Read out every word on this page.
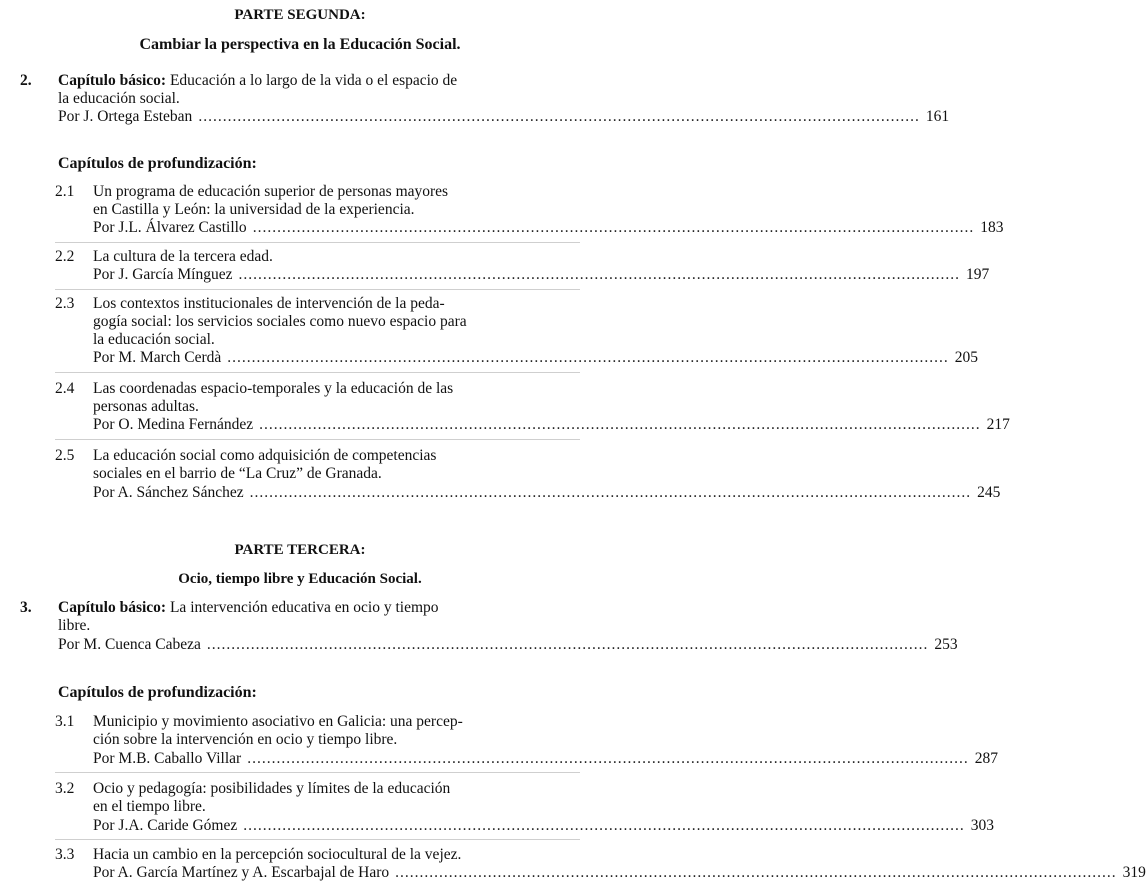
PARTE SEGUNDA:
Cambiar la perspectiva en la Educación Social.
2. Capítulo básico: Educación a lo largo de la vida o el espacio de
la educación social.
Por J. Ortega Esteban .................................................................................................................................................... 161
Capítulos de profundización:
2.1 Un programa de educación superior de personas mayores
en Castilla y León: la universidad de la experiencia.
Por J.L. Álvarez Castillo .................................................................................................................................................... 183
2.2 La cultura de la tercera edad.
Por J. García Mínguez .................................................................................................................................................... 197
2.3 Los contextos institucionales de intervención de la peda-
gogía social: los servicios sociales como nuevo espacio para
la educación social.
Por M. March Cerdà .................................................................................................................................................... 205
2.4 Las coordenadas espacio-temporales y la educación de las
personas adultas.
Por O. Medina Fernández .................................................................................................................................................... 217
2.5 La educación social como adquisición de competencias
sociales en el barrio de “La Cruz” de Granada.
Por A. Sánchez Sánchez .................................................................................................................................................... 245
PARTE TERCERA:
Ocio, tiempo libre y Educación Social.
3. Capítulo básico: La intervención educativa en ocio y tiempo
libre.
Por M. Cuenca Cabeza .................................................................................................................................................... 253
Capítulos de profundización:
3.1 Municipio y movimiento asociativo en Galicia: una percep-
ción sobre la intervención en ocio y tiempo libre.
Por M.B. Caballo Villar .................................................................................................................................................... 287
3.2 Ocio y pedagogía: posibilidades y límites de la educación
en el tiempo libre.
Por J.A. Caride Gómez .................................................................................................................................................... 303
3.3 Hacia un cambio en la percepción sociocultural de la vejez.
Por A. García Martínez y A. Escarbajal de Haro .................................................................................................................................................... 319
